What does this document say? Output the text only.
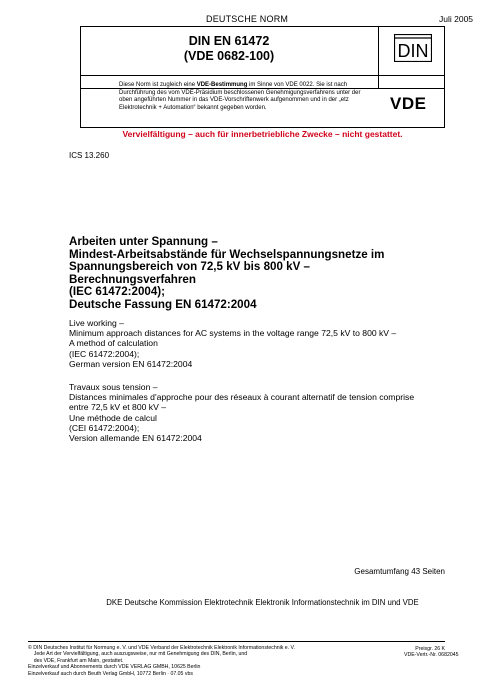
DEUTSCHE NORM	Juli 2005
DIN EN 61472
(VDE 0682-100)	DIN
VDE
Diese Norm ist zugleich eine VDE-Bestimmung im Sinne von VDE 0022. Sie ist nach Durchführung des vom VDE-Präsidium beschlossenen Genehmigungsverfahrens unter der oben angeführten Nummer in das VDE-Vorschriftenwerk aufgenommen und in der „etz Elektrotechnik + Automation“ bekannt gegeben worden.
Vervielfältigung – auch für innerbetriebliche Zwecke – nicht gestattet.
ICS 13.260
Arbeiten unter Spannung –
Mindest-Arbeitsabstände für Wechselspannungsnetze im
Spannungsbereich von 72,5 kV bis 800 kV –
Berechnungsverfahren
(IEC 61472:2004);
Deutsche Fassung EN 61472:2004
Live working –
Minimum approach distances for AC systems in the voltage range 72,5 kV to 800 kV –
A method of calculation
(IEC 61472:2004);
German version EN 61472:2004
Travaux sous tension –
Distances minimales d'approche pour des réseaux à courant alternatif de tension comprise
entre 72,5 kV et 800 kV –
Une méthode de calcul
(CEI 61472:2004);
Version allemande EN 61472:2004
Gesamtumfang 43 Seiten
DKE Deutsche Kommission Elektrotechnik Elektronik Informationstechnik im DIN und VDE
© DIN Deutsches Institut für Normung e. V. und VDE Verband der Elektrotechnik Elektronik Informationstechnik e. V.
Jede Art der Vervielfältigung, auch auszugsweise, nur mit Genehmigung des DIN, Berlin, und
des VDE, Frankfurt am Main, gestattet.
Einzelverkauf und Abonnements durch VDE VERLAG GMBH, 10625 Berlin
Einzelverkauf auch durch Beuth Verlag GmbH, 10772 Berlin · 07.05 vbs
Preisgr. 26 K
VDE-Vertr.-Nr. 0682045
